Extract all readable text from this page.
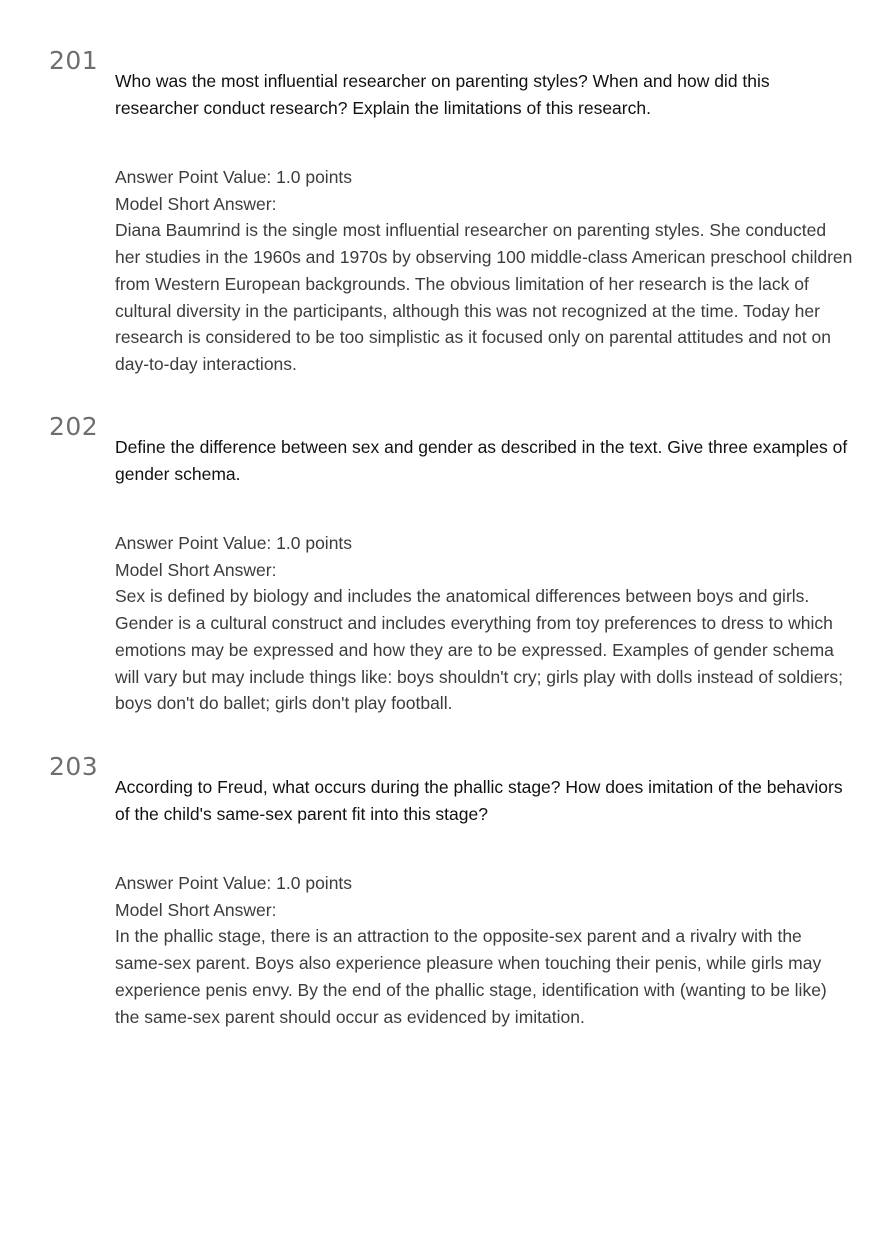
201
Who was the most influential researcher on parenting styles? When and how did this researcher conduct research? Explain the limitations of this research.
Answer Point Value: 1.0 points
Model Short Answer:
Diana Baumrind is the single most influential researcher on parenting styles. She conducted her studies in the 1960s and 1970s by observing 100 middle-class American preschool children from Western European backgrounds. The obvious limitation of her research is the lack of cultural diversity in the participants, although this was not recognized at the time. Today her research is considered to be too simplistic as it focused only on parental attitudes and not on day-to-day interactions.
202
Define the difference between sex and gender as described in the text. Give three examples of gender schema.
Answer Point Value: 1.0 points
Model Short Answer:
Sex is defined by biology and includes the anatomical differences between boys and girls. Gender is a cultural construct and includes everything from toy preferences to dress to which emotions may be expressed and how they are to be expressed. Examples of gender schema will vary but may include things like: boys shouldn't cry; girls play with dolls instead of soldiers; boys don't do ballet; girls don't play football.
203
According to Freud, what occurs during the phallic stage? How does imitation of the behaviors of the child's same-sex parent fit into this stage?
Answer Point Value: 1.0 points
Model Short Answer:
In the phallic stage, there is an attraction to the opposite-sex parent and a rivalry with the same-sex parent. Boys also experience pleasure when touching their penis, while girls may experience penis envy. By the end of the phallic stage, identification with (wanting to be like) the same-sex parent should occur as evidenced by imitation.
